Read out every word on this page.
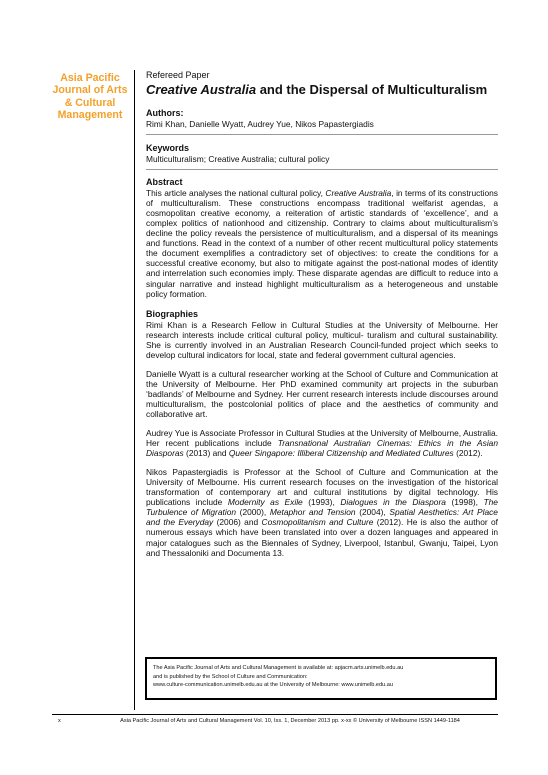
Asia Pacific Journal of Arts & Cultural Management

Refereed Paper

Creative Australia and the Dispersal of Multiculturalism

Authors:

Rimi Khan, Danielle Wyatt, Audrey Yue, Nikos Papastergiadis

Keywords

Multiculturalism; Creative Australia; cultural policy

Abstract

This article analyses the national cultural policy, Creative Australia, in terms of its constructions of multiculturalism. These constructions encompass traditional welfarist agendas, a cosmopolitan creative economy, a reiteration of artistic standards of ‘excellence’, and a complex politics of nationhood and citizenship. Contrary to claims about multiculturalism’s decline the policy reveals the persistence of multiculturalism, and a dispersal of its meanings and functions. Read in the context of a number of other recent multicultural policy statements the document exemplifies a contradictory set of objectives: to create the conditions for a successful creative economy, but also to mitigate against the post-national modes of identity and interrelation such economies imply. These disparate agendas are difficult to reduce into a singular narrative and instead highlight multiculturalism as a heterogeneous and unstable policy formation.

Biographies

Rimi Khan is a Research Fellow in Cultural Studies at the University of Melbourne. Her research interests include critical cultural policy, multicul- turalism and cultural sustainability. She is currently involved in an Australian Research Council-funded project which seeks to develop cultural indicators for local, state and federal government cultural agencies.

Danielle Wyatt is a cultural researcher working at the School of Culture and Communication at the University of Melbourne. Her PhD examined community art projects in the suburban ‘badlands’ of Melbourne and Sydney. Her current research interests include discourses around multiculturalism, the postcolonial politics of place and the aesthetics of community and collaborative art.

Audrey Yue is Associate Professor in Cultural Studies at the University of Melbourne, Australia. Her recent publications include Transnational Australian Cinemas: Ethics in the Asian Diasporas (2013) and Queer Singapore: Illiberal Citizenship and Mediated Cultures (2012).

Nikos Papastergiadis is Professor at the School of Culture and Communication at the University of Melbourne. His current research focuses on the investigation of the historical transformation of contemporary art and cultural institutions by digital technology. His publications include Modernity as Exile (1993), Dialogues in the Diaspora (1998), The Turbulence of Migration (2000), Metaphor and Tension (2004), Spatial Aesthetics: Art Place and the Everyday (2006) and Cosmopolitanism and Culture (2012). He is also the author of numerous essays which have been translated into over a dozen languages and appeared in major catalogues such as the Biennales of Sydney, Liverpool, Istanbul, Gwanju, Taipei, Lyon and Thessaloniki and Documenta 13.

The Asia Pacific Journal of Arts and Cultural Management is available at: apjacm.arts.unimelb.edu.au
and is published by the School of Culture and Communication:
www.culture-communication.unimelb.edu.au at the University of Melbourne: www.unimelb.edu.au
x	Asia Pacific Journal of Arts and Cultural Management Vol. 10, Iss. 1, December 2013 pp. x-xx © University of Melbourne ISSN 1449-1184
